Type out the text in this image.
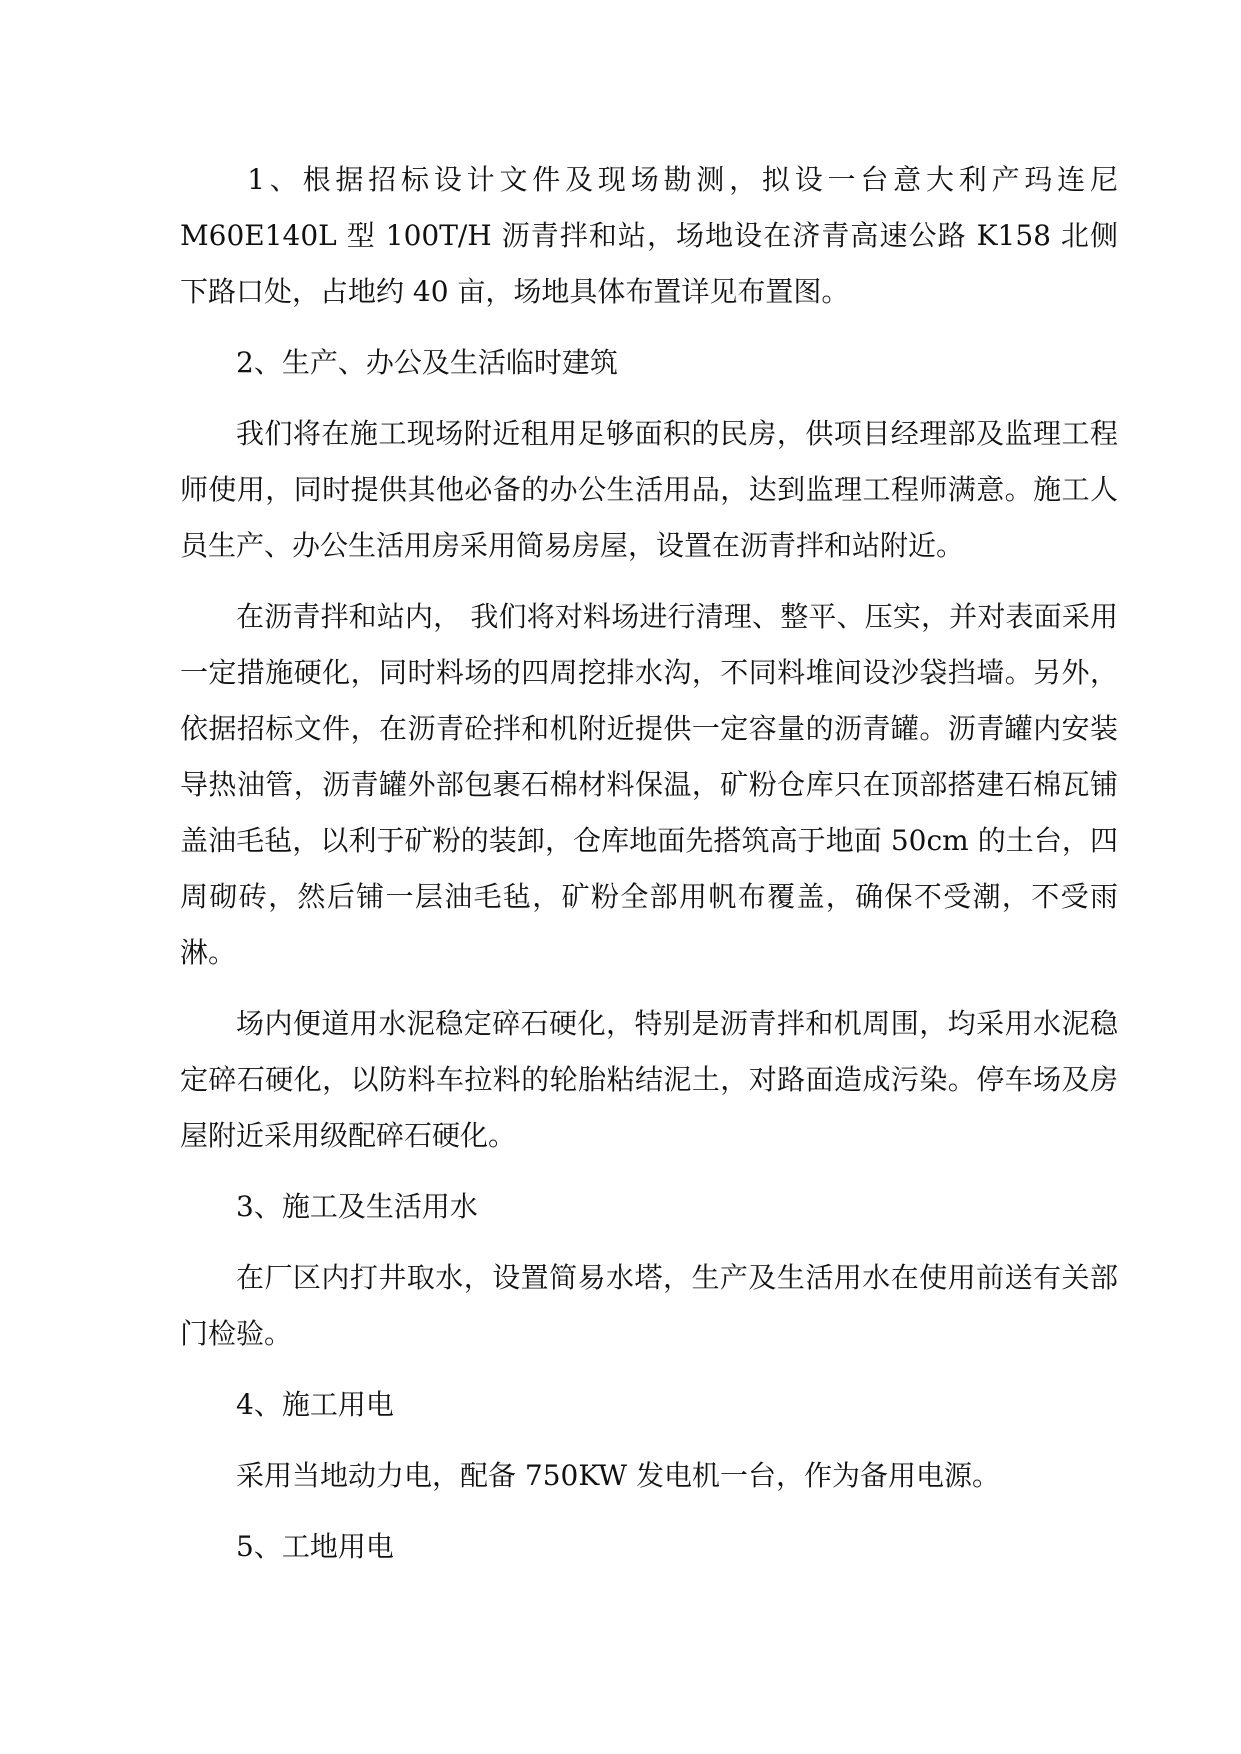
1、根据招标设计文件及现场勘测，拟设一台意大利产玛连尼 M60E140L 型 100T/H 沥青拌和站，场地设在济青高速公路 K158 北侧下路口处，占地约 40 亩，场地具体布置详见布置图。

2、生产、办公及生活临时建筑

我们将在施工现场附近租用足够面积的民房，供项目经理部及监理工程师使用，同时提供其他必备的办公生活用品，达到监理工程师满意。施工人员生产、办公生活用房采用简易房屋，设置在沥青拌和站附近。

在沥青拌和站内， 我们将对料场进行清理、整平、压实，并对表面采用一定措施硬化，同时料场的四周挖排水沟，不同料堆间设沙袋挡墙。另外，依据招标文件，在沥青砼拌和机附近提供一定容量的沥青罐。沥青罐内安装导热油管，沥青罐外部包裹石棉材料保温，矿粉仓库只在顶部搭建石棉瓦铺盖油毛毡，以利于矿粉的装卸，仓库地面先搭筑高于地面 50cm 的土台，四周砌砖，然后铺一层油毛毡，矿粉全部用帆布覆盖，确保不受潮，不受雨淋。

场内便道用水泥稳定碎石硬化，特别是沥青拌和机周围，均采用水泥稳定碎石硬化，以防料车拉料的轮胎粘结泥土，对路面造成污染。停车场及房屋附近采用级配碎石硬化。

3、施工及生活用水

在厂区内打井取水，设置简易水塔，生产及生活用水在使用前送有关部门检验。

4、施工用电

采用当地动力电，配备 750KW 发电机一台，作为备用电源。

5、工地用电
